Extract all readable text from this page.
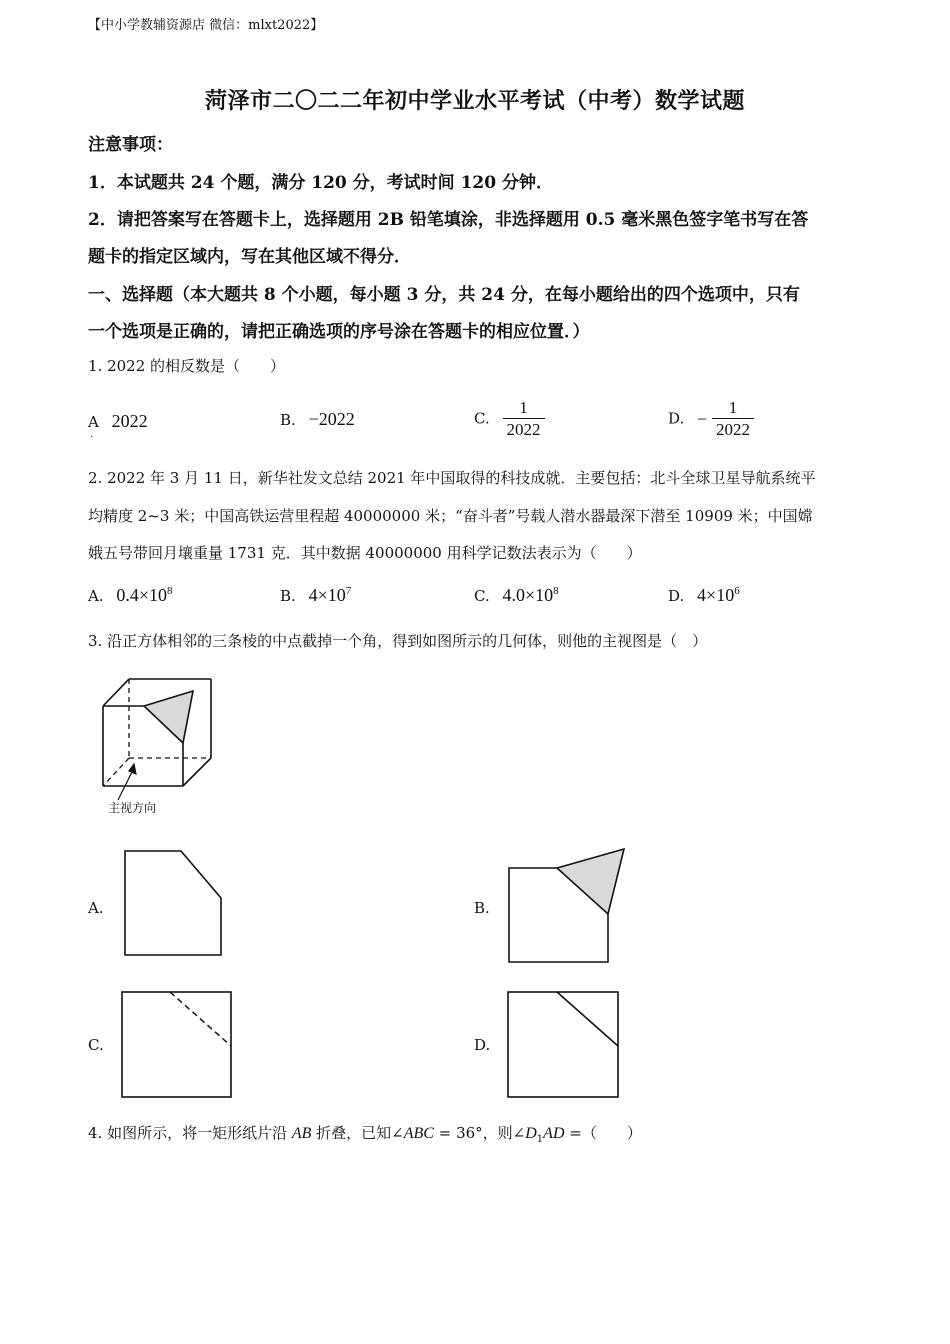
【中小学教辅资源店 微信：mlxt2022】
菏泽市二〇二二年初中学业水平考试（中考）数学试题
注意事项：
1．本试题共 24 个题，满分 120 分，考试时间 120 分钟．
2．请把答案写在答题卡上，选择题用 2B 铅笔填涂，非选择题用 0.5 毫米黑色签字笔书写在答
题卡的指定区域内，写在其他区域不得分．
一、选择题（本大题共 8 个小题，每小题 3 分，共 24 分，在每小题给出的四个选项中，只有
一个选项是正确的，请把正确选项的序号涂在答题卡的相应位置．）
1. 2022 的相反数是（　　）
A
.
2022	B. −2022	C. $\frac{1}{2022}$	D. − $\frac{1}{2022}$
2. 2022 年 3 月 11 日，新华社发文总结 2021 年中国取得的科技成就．主要包括：北斗全球卫星导航系统平
均精度 2~3 米；中国高铁运营里程超 40000000 米；“奋斗者”号载人潜水器最深下潜至 10909 米；中国嫦
娥五号带回月壤重量 1731 克．其中数据 40000000 用科学记数法表示为（　　）
A. $0.4\times 10^8$	B. $4\times 10^7$	C. $4.0\times 10^8$	D. $4\times 10^6$
3. 沿正方体相邻的三条棱的中点截掉一个角，得到如图所示的几何体，则他的主视图是（　）
主视方向
A.	B.
C.	D.
4. 如图所示，将一矩形纸片沿 AB 折叠，已知∠ABC = 36°，则$\angle D_1AD$ =（　　）
